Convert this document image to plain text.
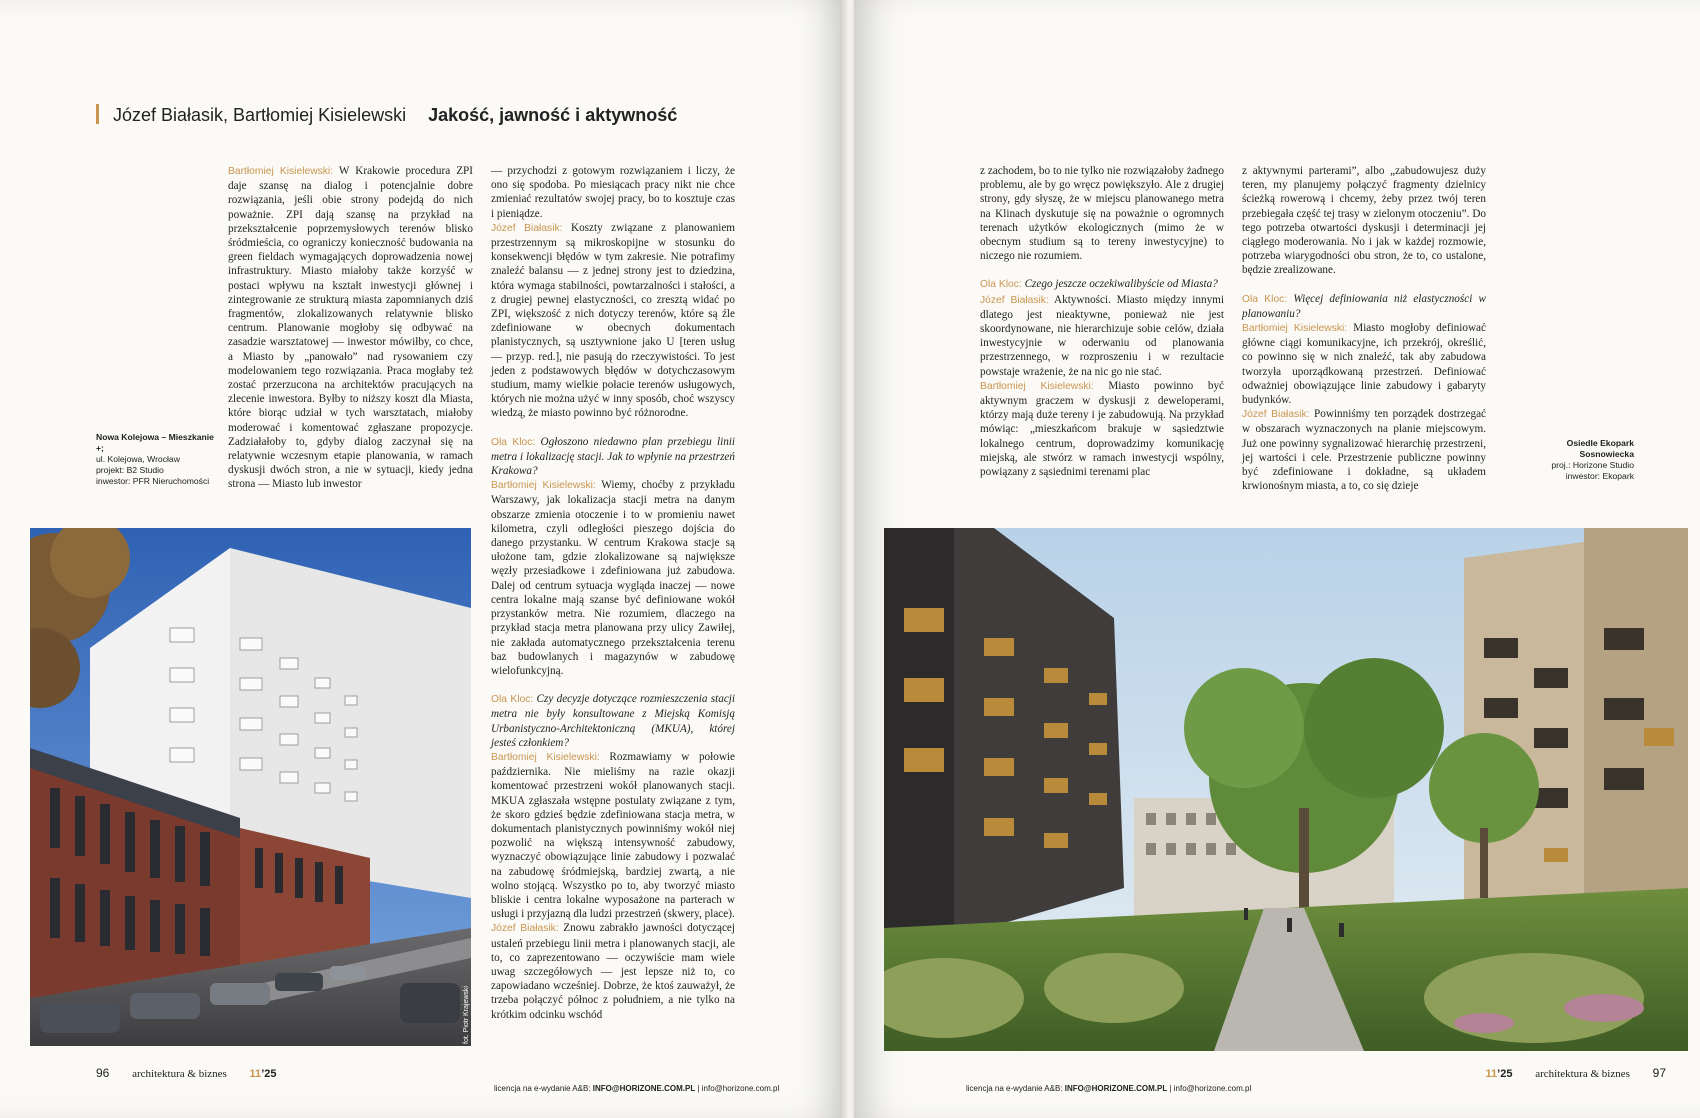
Józef Białasik, Bartłomiej Kisielewski Jakość, jawność i aktywność

Bartłomiej Kisielewski: W Krakowie procedura ZPI daje szansę na dialog i potencjalnie dobre rozwiązania, jeśli obie strony podejdą do nich poważnie. ZPI dają szansę na przykład na przekształcenie poprzemysłowych terenów blisko śródmieścia, co ograniczy konieczność budowania na green fieldach wymagających doprowadzenia nowej infrastruktury. Miasto miałoby także korzyść w postaci wpływu na kształt inwestycji głównej i zintegrowanie ze strukturą miasta zapomnianych dziś fragmentów, zlokalizowanych relatywnie blisko centrum. Planowanie mogłoby się odbywać na zasadzie warsztatowej — inwestor mówiłby, co chce, a Miasto by „panowało” nad rysowaniem czy modelowaniem tego rozwiązania. Praca mogłaby też zostać przerzucona na architektów pracujących na zlecenie inwestora. Byłby to niższy koszt dla Miasta, które biorąc udział w tych warsztatach, miałoby moderować i komentować zgłaszane propozycje. Zadziałałoby to, gdyby dialog zaczynał się na relatywnie wczesnym etapie planowania, w ramach dyskusji dwóch stron, a nie w sytuacji, kiedy jedna strona — Miasto lub inwestor

Nowa Kolejowa – Mieszkanie +;
ul. Kolejowa, Wrocław
projekt: B2 Studio
inwestor: PFR Nieruchomości
fot. Piotr Krajewski

— przychodzi z gotowym rozwiązaniem i liczy, że ono się spodoba. Po miesiącach pracy nikt nie chce zmieniać rezultatów swojej pracy, bo to kosztuje czas i pieniądze.

Józef Białasik: Koszty związane z planowaniem przestrzennym są mikroskopijne w stosunku do konsekwencji błędów w tym zakresie. Nie potrafimy znaleźć balansu — z jednej strony jest to dziedzina, która wymaga stabilności, powtarzalności i stałości, a z drugiej pewnej elastyczności, co zresztą widać po ZPI, większość z nich dotyczy terenów, które są źle zdefiniowane w obecnych dokumentach planistycznych, są usztywnione jako U [teren usług — przyp. red.], nie pasują do rzeczywistości. To jest jeden z podstawowych błędów w dotychczasowym studium, mamy wielkie połacie terenów usługowych, których nie można użyć w inny sposób, choć wszyscy wiedzą, że miasto powinno być różnorodne.

Ola Kloc: Ogłoszono niedawno plan przebiegu linii metra i lokalizację stacji. Jak to wpłynie na przestrzeń Krakowa?

Bartłomiej Kisielewski: Wiemy, choćby z przykładu Warszawy, jak lokalizacja stacji metra na danym obszarze zmienia otoczenie i to w promieniu nawet kilometra, czyli odległości pieszego dojścia do danego przystanku. W centrum Krakowa stacje są ułożone tam, gdzie zlokalizowane są największe węzły przesiadkowe i zdefiniowana już zabudowa. Dalej od centrum sytuacja wygląda inaczej — nowe centra lokalne mają szanse być definiowane wokół przystanków metra. Nie rozumiem, dlaczego na przykład stacja metra planowana przy ulicy Zawiłej, nie zakłada automatycznego przekształcenia terenu baz budowlanych i magazynów w zabudowę wielofunkcyjną.

Ola Kloc: Czy decyzje dotyczące rozmieszczenia stacji metra nie były konsultowane z Miejską Komisją Urbanistyczno-Architektoniczną (MKUA), której jesteś członkiem?

Bartłomiej Kisielewski: Rozmawiamy w połowie października. Nie mieliśmy na razie okazji komentować przestrzeni wokół planowanych stacji. MKUA zgłaszała wstępne postulaty związane z tym, że skoro gdzieś będzie zdefiniowana stacja metra, w dokumentach planistycznych powinniśmy wokół niej pozwolić na większą intensywność zabudowy, wyznaczyć obowiązujące linie zabudowy i pozwalać na zabudowę śródmiejską, bardziej zwartą, a nie wolno stojącą. Wszystko po to, aby tworzyć miasto bliskie i centra lokalne wyposażone na parterach w usługi i przyjazną dla ludzi przestrzeń (skwery, place).

Józef Białasik: Znowu zabrakło jawności dotyczącej ustaleń przebiegu linii metra i planowanych stacji, ale to, co zaprezentowano — oczywiście mam wiele uwag szczegółowych — jest lepsze niż to, co zapowiadano wcześniej. Dobrze, że ktoś zauważył, że trzeba połączyć północ z południem, a nie tylko na krótkim odcinku wschód

96 architektura & biznes 11’25
licencja na e-wydanie A&B: INFO@HORIZONE.COM.PL | info@horizone.com.pl

z zachodem, bo to nie tylko nie rozwiązałoby żadnego problemu, ale by go wręcz powiększyło. Ale z drugiej strony, gdy słyszę, że w miejscu planowanego metra na Klinach dyskutuje się na poważnie o ogromnych terenach użytków ekologicznych (mimo że w obecnym studium są to tereny inwestycyjne) to niczego nie rozumiem.

Ola Kloc: Czego jeszcze oczekiwalibyście od Miasta?

Józef Białasik: Aktywności. Miasto między innymi dlatego jest nieaktywne, ponieważ nie jest skoordynowane, nie hierarchizuje sobie celów, działa inwestycyjnie w oderwaniu od planowania przestrzennego, w rozproszeniu i w rezultacie powstaje wrażenie, że na nic go nie stać.

Bartłomiej Kisielewski: Miasto powinno być aktywnym graczem w dyskusji z deweloperami, którzy mają duże tereny i je zabudowują. Na przykład mówiąc: „mieszkańcom brakuje w sąsiedztwie lokalnego centrum, doprowadzimy komunikację miejską, ale stwórz w ramach inwestycji wspólny, powiązany z sąsiednimi terenami plac

z aktywnymi parterami”, albo „zabudowujesz duży teren, my planujemy połączyć fragmenty dzielnicy ścieżką rowerową i chcemy, żeby przez twój teren przebiegała część tej trasy w zielonym otoczeniu”. Do tego potrzeba otwartości dyskusji i determinacji jej ciągłego moderowania. No i jak w każdej rozmowie, potrzeba wiarygodności obu stron, że to, co ustalone, będzie zrealizowane.

Ola Kloc: Więcej definiowania niż elastyczności w planowaniu?

Bartłomiej Kisielewski: Miasto mogłoby definiować główne ciągi komunikacyjne, ich przekrój, określić, co powinno się w nich znaleźć, tak aby zabudowa tworzyła uporządkowaną przestrzeń. Definiować odważniej obowiązujące linie zabudowy i gabaryty budynków.

Józef Białasik: Powinniśmy ten porządek dostrzegać w obszarach wyznaczonych na planie miejscowym. Już one powinny sygnalizować hierarchię przestrzeni, jej wartości i cele. Przestrzenie publiczne powinny być zdefiniowane i dokładne, są układem krwionośnym miasta, a to, co się dzieje

Osiedle Ekopark Sosnowiecka
proj.: Horizone Studio
inwestor: Ekopark
11’25 architektura & biznes 97
licencja na e-wydanie A&B: INFO@HORIZONE.COM.PL | info@horizone.com.pl
